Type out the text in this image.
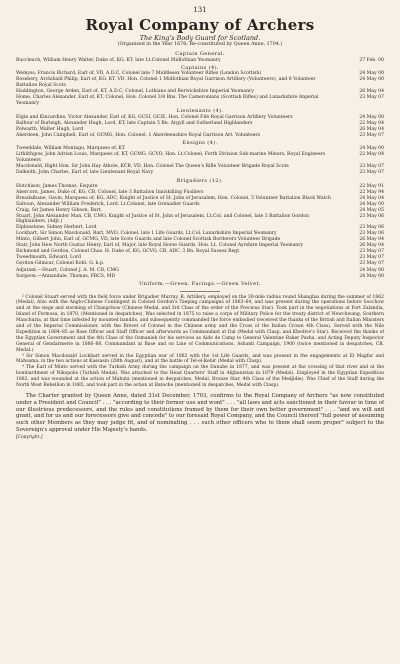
131
Royal Company of Archers
The King's Body Guard for Scotland.
(Organised in the Year 1676; Re-constituted by Queen Anne, 1704.)
Captain General.
Buccleuch, William Henry Walter, Duke of, KG, KT, late Lt.Colonel Midlothian Yeomanry	27 Feb. 00
Captains (4).
Wemyss, Francis Richard, Earl of, VD, A.D.C, Colonel late 7 Middlesex Volunteer Rifles (London Scottish)	24 May 00
Rosebery, Archibald Philip, Earl of, KG, KT, VD, Hon. Colonel 1 Midlothian Royal Garrison Artillery (Volunteers), and 8 Volunteer Battalion Royal Scots
24 May 00
Haddington, George Arden, Earl of, KT, A.D.C, Colonel, Lothians and Berwickshire Imperial Yeomanry	26 May 04
Home, Charles Alexander, Earl of, KT, Colonel, Hon. Colonel 3/4 Bns. The Cameronians (Scottish Rifles) and Lanarkshire Imperial Yeomanry
23 May 07
Lieutenants (4).
Elgin and Kincardine, Victor Alexander, Earl of, KG, GCSI, GCIE, Hon. Colonel Fife Royal Garrison Artillery Volunteers	24 May 00
Balfour of Burleigh, Alexander Hugh, Lord, KT, late Captain 5 Bn. Argyll and Sutherland Highlanders	22 May 04
Polwarth, Walter Hugh, Lord	26 May 04
Aberdeen, John Campbell, Earl of, GCMG, Hon. Colonel, 1 Aberdeenshire Royal Garrison Art. Volunteers	23 May 07
Ensigns (4).
Tweeddale, William Montagu, Marquess of, KT	24 May 00
Lithlithgow, John Adrian Louis, Marquess of, KT, GCMG, GCVO, Hon. Lt.Colonel, Forth Division Sub-marine Miners, Royal Engineers Volunteers
22 May 04
Macdonald, Right Hon. Sir John Hay Athole, KCB, VD, Hon. Colonel The Queen's Rifle Volunteer Brigade Royal Scots	23 May 07
Dalkeith, John Charles, Earl of, late Lieutenant Royal Navy	23 May 07
Brigadiers (12).
Hutchison, James Thomas, Esquire	22 May 91
Abercorn, James, Duke of, KG, CB, Colonel, late 3 Battalion Inniskilling Fusiliers	22 May 94
Breadalbane, Gavin, Marquess of, KG, ADC, Knight of Justice of St. John of Jerusalem, Hon. Colonel, 5 Volunteer Battalion Black Watch	24 May 04
Saltoun, Alexander William Frederick, Lord, Lt.Colonel, late Grenadier Guards	24 May 00
Craig, Sir James Henry Gibson, Bart.	24 May 05
Stuart, John Alexander Man, CB, CMG, Knight of Justice of St. John of Jerusalem, Lt.Col. and Colonel, late 3 Battalion Gordon Highlanders, (Adjt.)
23 May 06
Elphinstone, Sidney Herbert, Lord	23 May 06
Lockhart, Sir Simon Macdonald, Bart, MVO, Colonel, late 1 Life Guards, Lt.Col. Lanarkshire Imperial Yeomanry	23 May 06
Minto, Gilbert John, Earl of, GCMG, VD, late Scots Guards and late Colonel Scottish Borderers Volunteer Brigade	26 May 04
Stair, John Hew North Gustav Henry, Earl of, Major, late Royal Horse Guards, Hon. Lt. Colonel Ayrshire Imperial Yeomanry	26 May 04
Richmond and Gordon, Colonel Chas. H. Duke of, KG, GCVO, CB, ADC, 3 Bn. Royal Sussex Regt.	23 May 07
Tweedmouth, Edward, Lord	23 May 07
Gordon-Gilmour, Colonel Robt. G. k.p.	23 May 07
Adjutant.—Stuart, Colonel J. A. M. CB, CMG	24 May 00
Surgeon.—Annandale, Thomas, FRCS, MD	24 May 00
Uniform.—Green. Facings.—Green Velvet.

² Colonel Stuart served with the field force under Brigadier Murray, R. Artillery, employed on the 30-mile radius round Shanghai during the summer of 1862 (Medal). Also with the Anglo-Chinese Contingent in Colonel Gordon's Taeping campaigns of 1863–64, and was present during the operations before Soochow and at the siege and storming of Changchow (Chinese Medal, and 3rd Class of the order of the Precious Star). Took part in the negotiations at Fort Zalandia, Island of Formosa, in 1870, (Mentioned in despatches). Was selected in 1875 to raise a corps of Military Police for the treaty district of Newchwang, Southern Manchuria, at that time infested by mounted bandits, and subsequently commanded the force embodied (received the thanks of the British and Italian Ministers and of the Imperial Commissioner, with the Brevet of Colonel in the Chinese army and the Cross of the Italian Crown 4th Class). Served with the Nile Expedition in 1884–85 as Base Officer and Staff Officer and afterwards as Commandant at Dal (Medal with Clasp, and Khedive's Star). Received the thanks of the Egyptian Government and the 4th Class of the Osmanieh for his services as Aide de Camp to General Valentine Baker Pasha, and Acting Deputy Inspector General of Gendarmerie in 1886–88. Commandant at Base and on Line of Communications, Ashanti Campaign, 1900 (twice mentioned in despatches, CB, Medal.)

³ Sir Simon Macdonald Lockhart served in the Egyptian war of 1882 with the 1st Life Guards, and was present in the engagements at El Magfar and Mahsama, in the two actions at Kassasin (28th August), and at the battle of Tel-el-Kebir (Medal with Clasp).

⁴ The Earl of Minto served with the Turkish Army during the campaign on the Danube in 1877, and was present at the crossing of that river and at the bombardment of Nikopolis (Turkish Medal). Was attached to the Head Quarters' Staff in Afghanistan in 1879 (Medal). Employed in the Egyptian Expedition 1882, and was wounded at the action of Mahuta (mentioned in despatches, Medal, Bronze Star, 4th Class of the Medjidie). Was Chief of the Staff during the North West Rebellion in 1885, and took part in the action at Batoche (mentioned in despatches, Medal with Clasp).

The Charter granted by Queen Anne, dated 31st December, 1703, confirms to the Royal Company of Archers "as now constituted under a President and Council" . . . "according to their former use and wont" . . . "all laws and acts sanctioned in their favour in time of our illustrious predecessors, and the rules and constitutions framed by them for their own better government" . . . "and we will and grant, and for us and our forecessors give and concede" to our foresaid Royal Company, and the Council thereof "full power of assuming such other Members as they may judge fit, and of nominating . . . such other officers who to them shall seem proper" subject to the Sovereign's approval under His Majesty's hands.

[Copyright.]
